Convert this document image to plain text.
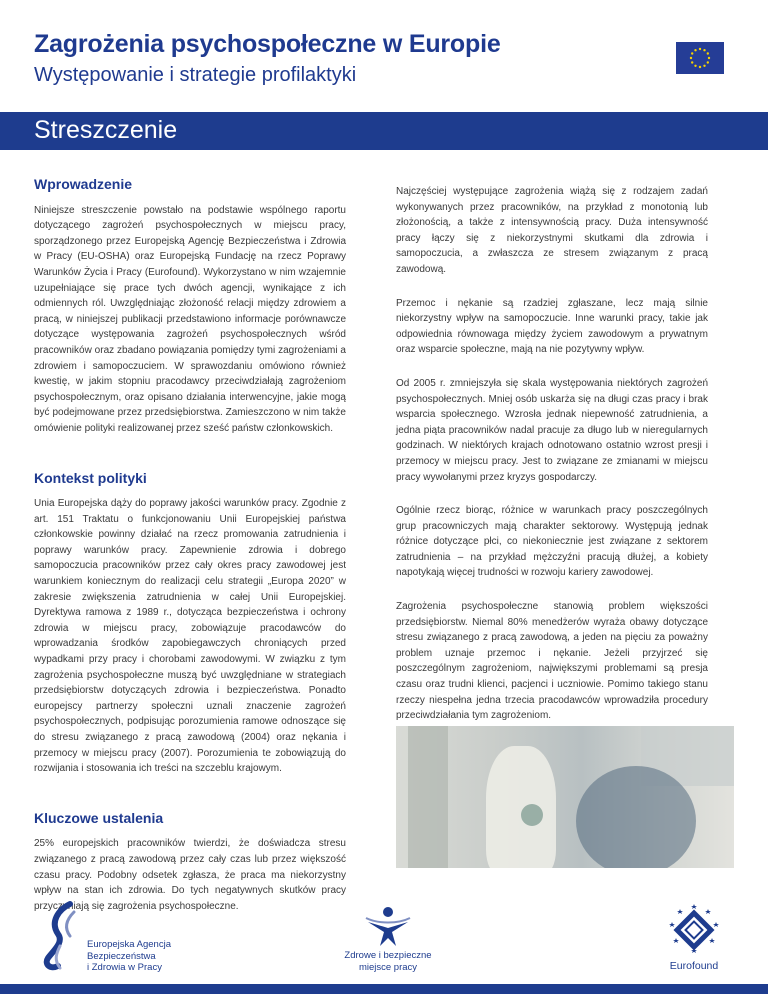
Zagrożenia psychospołeczne w Europie
Występowanie i strategie profilaktyki
Streszczenie
Wprowadzenie

Niniejsze streszczenie powstało na podstawie wspólnego raportu dotyczącego zagrożeń psychospołecznych w miejscu pracy, sporządzonego przez Europejską Agencję Bezpieczeństwa i Zdrowia w Pracy (EU-OSHA) oraz Europejską Fundację na rzecz Poprawy Warunków Życia i Pracy (Eurofound). Wykorzystano w nim wzajemnie uzupełniające się prace tych dwóch agencji, wynikające z ich odmiennych ról. Uwzględniając złożoność relacji między zdrowiem a pracą, w niniejszej publikacji przedstawiono informacje porównawcze dotyczące występowania zagrożeń psychospołecznych wśród pracowników oraz zbadano powiązania pomiędzy tymi zagrożeniami a zdrowiem i samopoczuciem. W sprawozdaniu omówiono również kwestię, w jakim stopniu pracodawcy przeciwdziałają zagrożeniom psychospołecznym, oraz opisano działania interwencyjne, jakie mogą być podejmowane przez przedsiębiorstwa. Zamieszczono w nim także omówienie polityki realizowanej przez sześć państw członkowskich.

Kontekst polityki

Unia Europejska dąży do poprawy jakości warunków pracy. Zgodnie z art. 151 Traktatu o funkcjonowaniu Unii Europejskiej państwa członkowskie powinny działać na rzecz promowania zatrudnienia i poprawy warunków pracy. Zapewnienie zdrowia i dobrego samopoczucia pracowników przez cały okres pracy zawodowej jest warunkiem koniecznym do realizacji celu strategii „Europa 2020” w zakresie zwiększenia zatrudnienia w całej Unii Europejskiej. Dyrektywa ramowa z 1989 r., dotycząca bezpieczeństwa i ochrony zdrowia w miejscu pracy, zobowiązuje pracodawców do wprowadzania środków zapobiegawczych chroniących przed wypadkami przy pracy i chorobami zawodowymi. W związku z tym zagrożenia psychospołeczne muszą być uwzględniane w strategiach przedsiębiorstw dotyczących zdrowia i bezpieczeństwa. Ponadto europejscy partnerzy społeczni uznali znaczenie zagrożeń psychospołecznych, podpisując porozumienia ramowe odnoszące się do stresu związanego z pracą zawodową (2004) oraz nękania i przemocy w miejscu pracy (2007). Porozumienia te zobowiązują do rozwijania i stosowania ich treści na szczeblu krajowym.

Kluczowe ustalenia

25% europejskich pracowników twierdzi, że doświadcza stresu związanego z pracą zawodową przez cały czas lub przez większość czasu pracy. Podobny odsetek zgłasza, że praca ma niekorzystny wpływ na stan ich zdrowia. Do tych negatywnych skutków pracy przyczyniają się zagrożenia psychospołeczne.

Najczęściej występujące zagrożenia wiążą się z rodzajem zadań wykonywanych przez pracowników, na przykład z monotonią lub złożonością, a także z intensywnością pracy. Duża intensywność pracy łączy się z niekorzystnymi skutkami dla zdrowia i samopoczucia, a zwłaszcza ze stresem związanym z pracą zawodową.

Przemoc i nękanie są rzadziej zgłaszane, lecz mają silnie niekorzystny wpływ na samopoczucie. Inne warunki pracy, takie jak odpowiednia równowaga między życiem zawodowym a prywatnym oraz wsparcie społeczne, mają na nie pozytywny wpływ.

Od 2005 r. zmniejszyła się skala występowania niektórych zagrożeń psychospołecznych. Mniej osób uskarża się na długi czas pracy i brak wsparcia społecznego. Wzrosła jednak niepewność zatrudnienia, a jedna piąta pracowników nadal pracuje za długo lub w nieregularnych godzinach. W niektórych krajach odnotowano ostatnio wzrost presji i przemocy w miejscu pracy. Jest to związane ze zmianami w miejscu pracy wywołanymi przez kryzys gospodarczy.

Ogólnie rzecz biorąc, różnice w warunkach pracy poszczególnych grup pracowniczych mają charakter sektorowy. Występują jednak różnice dotyczące płci, co niekoniecznie jest związane z sektorem zatrudnienia – na przykład mężczyźni pracują dłużej, a kobiety napotykają więcej trudności w rozwoju kariery zawodowej.

Zagrożenia psychospołeczne stanowią problem większości przedsiębiorstw. Niemal 80% menedżerów wyraża obawy dotyczące stresu związanego z pracą zawodową, a jeden na pięciu za poważny problem uznaje przemoc i nękanie. Jeżeli przyjrzeć się poszczególnym zagrożeniom, największymi problemami są presja czasu oraz trudni klienci, pacjenci i uczniowie. Pomimo takiego stanu rzeczy niespełna jedna trzecia pracodawców wprowadziła procedury przeciwdziałania tym zagrożeniom.

Europejska Agencja
Bezpieczeństwa
i Zdrowia w Pracy
Zdrowe i bezpieczne
miejsce pracy	Eurofound
